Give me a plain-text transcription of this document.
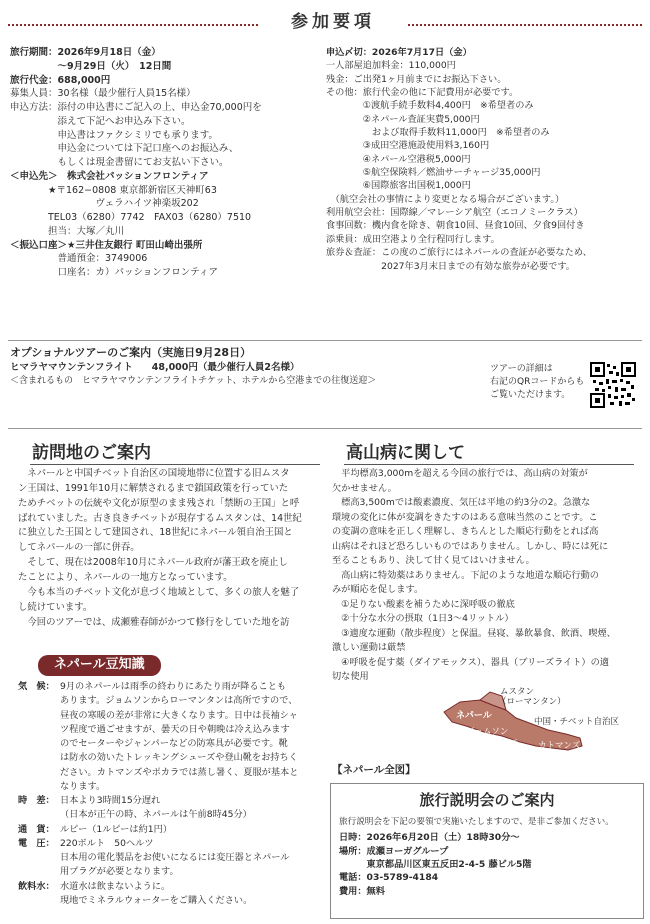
参加要項

旅行期間：2026年9月18日（金）

　　　　　〜9月29日（火）　12日間

旅行代金：688,000円

募集人員：30名様（最少催行人員15名様）

申込方法：添付の申込書にご記入の上、申込金70,000円を

　　　　　添えて下記へお申込み下さい。

　　　　　申込書はファクシミリでも承ります。

　　　　　申込金については下記口座へのお振込み、

　　　　　もしくは現金書留にてお支払い下さい。

＜申込先＞　株式会社パッションフロンティア

　　　　★〒162−0808 東京都新宿区天神町63

　　　　　　　　　ヴェラハイツ神楽坂202

　　　　TEL03（6280）7742　FAX03（6280）7510

　　　　担当：大塚／丸川

＜振込口座＞★三井住友銀行 町田山崎出張所

　　　　　普通預金：3749006

　　　　　口座名：カ）パッションフロンティア

申込〆切：2026年7月17日（金）

一人部屋追加料金：110,000円

残金：ご出発1ヶ月前までにお振込下さい。

その他：旅行代金の他に下記費用が必要です。

　　　　①渡航手続手数料4,400円　※希望者のみ

　　　　②ネパール査証実費5,000円

　　　　　および取得手数料11,000円　※希望者のみ

　　　　③成田空港施設使用料3,160円

　　　　④ネパール空港税5,000円

　　　　⑤航空保険料／燃油サーチャージ35,000円

　　　　⑥国際旅客出国税1,000円

　（航空会社の事情により変更となる場合がございます。）

利用航空会社：国際線／マレーシア航空（エコノミークラス）

食事回数：機内食を除き、朝食10回、昼食10回、夕食9回付き

添乗員：成田空港より全行程同行します。

旅券＆査証：この度のご旅行にはネパールの査証が必要なため、

　　　　　　2027年3月末日までの有効な旅券が必要です。

オプショナルツアーのご案内（実施日9月28日）
ヒマラヤマウンテンフライト　　48,000円（最少催行人員2名様）
＜含まれるもの　ヒマラヤマウンテンフライトチケット、ホテルから空港までの往復送迎＞
ツアーの詳細は
右記のQRコードからも
ご覧いただけます。
訪問地のご案内

　ネパールと中国チベット自治区の国境地帯に位置する旧ムスタ

ン王国は、1991年10月に解禁されるまで鎖国政策を行っていた

ためチベットの伝統や文化が原型のまま残され「禁断の王国」と呼

ばれていました。古き良きチベットが現存するムスタンは、14世紀

に独立した王国として建国され、18世紀にネパール領自治王国と

してネパールの一部に併吞。

　そして、現在は2008年10月にネパール政府が藩王政を廃止し

たことにより、ネパールの一地方となっています。

　今も本当のチベット文化が息づく地域として、多くの旅人を魅了

し続けています。

　今回のツアーでは、成瀬雅春師がかつて修行をしていた地を訪

ネパール豆知識
気　候： 9月のネパールは雨季の終わりにあたり雨が降ることも
あります。ジョムソンからローマンタンは高所ですので、
昼夜の寒暖の差が非常に大きくなります。日中は長袖シャ
ツ程度で過ごせますが、曇天の日や朝晩は冷え込みます
のでセーターやジャンパーなどの防寒具が必要です。靴
は防水の効いたトレッキングシューズや登山靴をお持ちく
ださい。カトマンズやポカラでは蒸し暑く、夏服が基本と
なります。
時　差： 日本より3時間15分遅れ
（日本が正午の時、ネパールは午前8時45分）
通　貨： ルピー（1ルピーは約1円）
電　圧： 220ボルト　50ヘルツ
日本用の電化製品をお使いになるには変圧器とネパール
用プラグが必要となります。
飲料水： 水道水は飲まないように。
現地でミネラルウォーターをご購入ください。
高山病に関して

　平均標高3,000mを超える今回の旅行では、高山病の対策が

欠かせません。

　標高3,500mでは酸素濃度、気圧は平地の約3分の2。急激な

環境の変化に体が変調をきたすのはある意味当然のことです。こ

の変調の意味を正しく理解し、きちんとした順応行動をとれば高

山病はそれほど恐ろしいものではありません。しかし、時には死に

至ることもあり、決して甘く見てはいけません。

　高山病に特効薬はありません。下記のような地道な順応行動の

みが順応を促します。

　①足りない酸素を補うために深呼吸の徹底

　②十分な水分の摂取（1日3〜4リットル）

　③適度な運動（散歩程度）と保温。昼寝、暴飲暴食、飲酒、喫煙、

激しい運動は厳禁

　④呼吸を促す薬（ダイアモックス）、器具（ブリーズライト）の適

切な使用

ムスタン
（ローマンタン）
ネパール
中国・チベット自治区
ジョムソン
ポカラ カトマンズ
【ネパール全図】
旅行説明会のご案内
旅行説明会を下記の要領で実施いたしますので、是非ご参加ください。
日時：2026年6月20日（土）18時30分〜
場所：成瀬ヨーガグループ
　　　東京都品川区東五反田2-4-5 藤ビル5階
電話：03-5789-4184
費用：無料
